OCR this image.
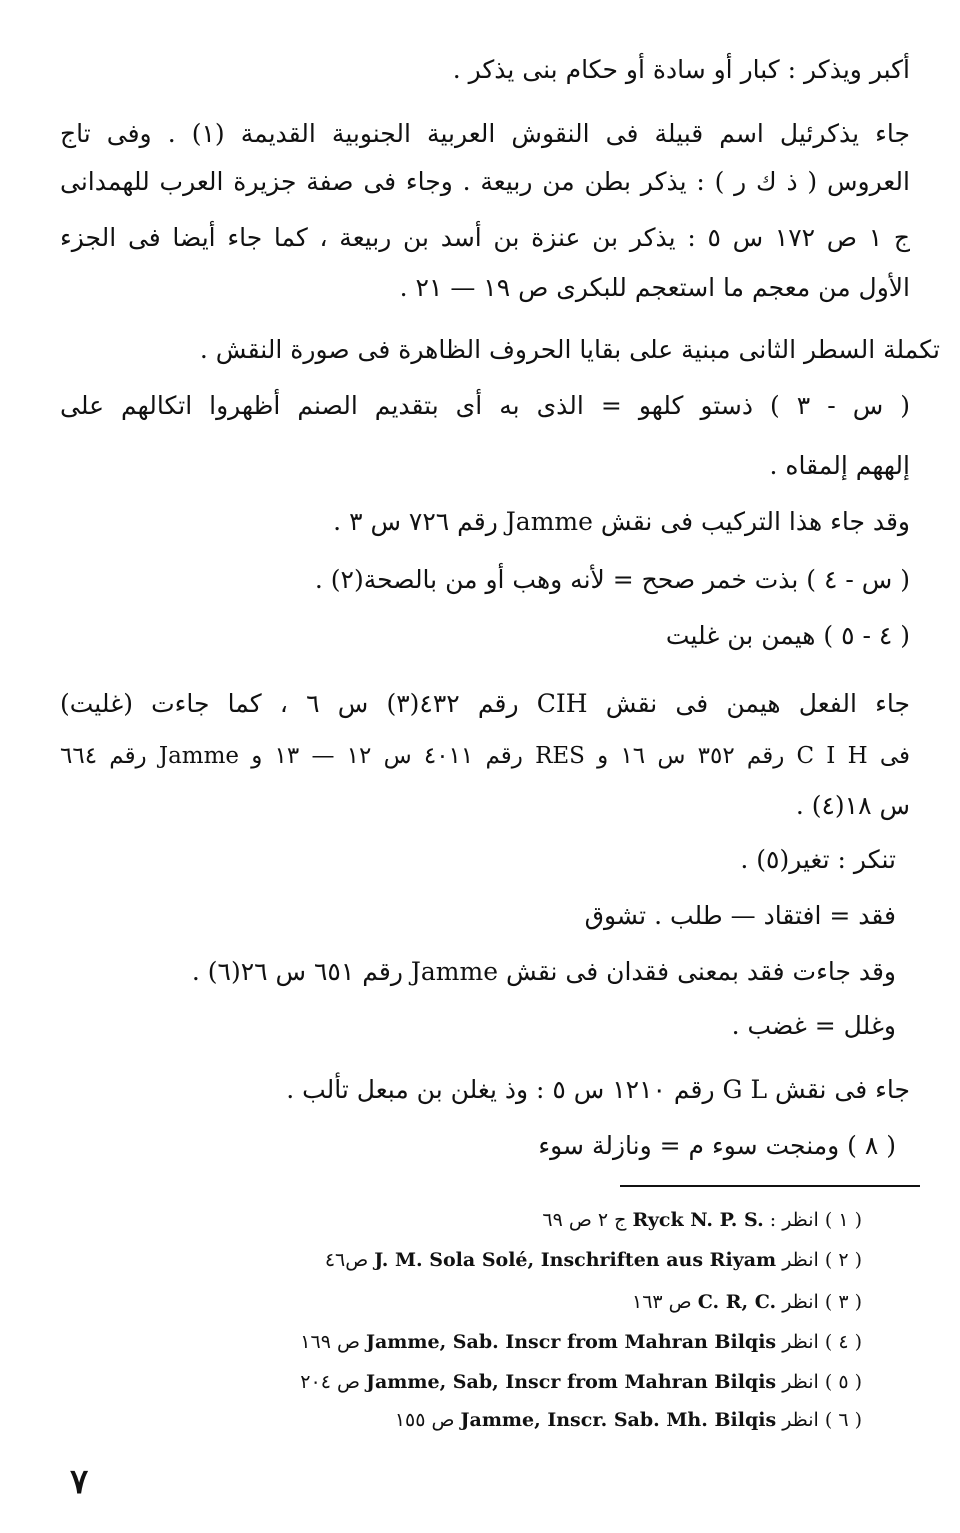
أكبر ويذكر : كبار أو سادة أو حكام بنى يذكر .
جاء يذكرئيل اسم قبيلة فى النقوش العربية الجنوبية القديمة (١) . وفى تاج
العروس ( ذ ك ر ) : يذكر بطن من ربيعة . وجاء فى صفة جزيرة العرب للهمدانى
ج ١ ص ١٧٢ س ٥ : يذكر بن عنزة بن أسد بن ربيعة ، كما جاء أيضا فى الجزء
الأول من معجم ما استعجم للبكرى ص ١٩ — ٢١ .
تكملة السطر الثانى مبنية على بقايا الحروف الظاهرة فى صورة النقش .
( س - ٣ ) ذستو كلهو = الذى به أى بتقديم الصنم أظهروا اتكالهم على
إلههم إلمقاه .
وقد جاء هذا التركيب فى نقش Jamme رقم ٧٢٦ س ٣ .
( س - ٤ ) بذت خمر صحح = لأنه وهب أو من بالصحة(٢) .
( ٤ - ٥ ) هيمن بن غليت
جاء الفعل هيمن فى نقش CIH رقم ٤٣٢(٣) س ٦ ، كما جاءت (غليت)
فى C I H رقم ٣٥٢ س ١٦ و RES رقم ٤٠١١ س ١٢ — ١٣ و Jamme رقم ٦٦٤
س ١٨(٤) .
تنكر : تغير(٥) .
فقد = افتقاد — طلب . تشوق
وقد جاءت فقد بمعنى فقدان فى نقش Jamme رقم ٦٥١ س ٢٦(٦) .
وغلل = غضب .
جاء فى نقش G L رقم ١٢١٠ س ٥ : وذ يغلن بن مبعل تألب .
( ٨ ) ومنجت سوء م = ونازلة سوء
( ١ ) انظر : Ryck N. P. S. ج ٢ ص ٦٩
( ٢ ) انظر J. M. Sola Solé, Inschriften aus Riyam ص٤٦
( ٣ ) انظر C. R, C. ص ١٦٣
( ٤ ) انظر Jamme, Sab. Inscr from Mahran Bilqis ص ١٦٩
( ٥ ) انظر Jamme, Sab, Inscr from Mahran Bilqis ص ٢٠٤
( ٦ ) انظر Jamme, Inscr. Sab. Mh. Bilqis ص ١٥٥
٧
